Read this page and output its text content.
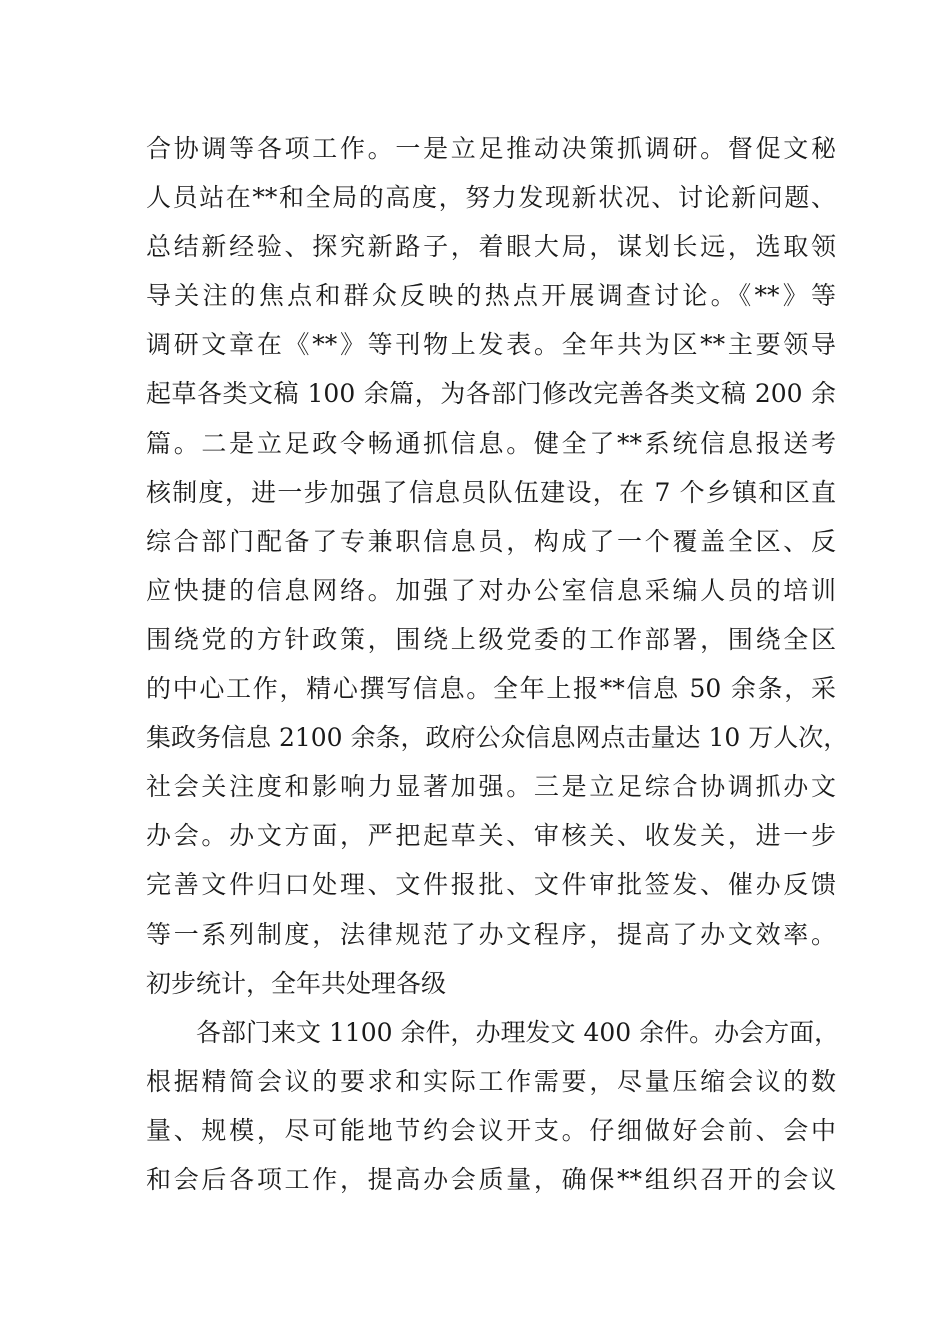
合协调等各项工作。一是立足推动决策抓调研。督促文秘
人员站在**和全局的高度，努力发现新状况、讨论新问题、
总结新经验、探究新路子，着眼大局，谋划长远，选取领
导关注的焦点和群众反映的热点开展调查讨论。《**》等
调研文章在《**》等刊物上发表。全年共为区**主要领导
起草各类文稿 100 余篇，为各部门修改完善各类文稿 200 余
篇。二是立足政令畅通抓信息。健全了**系统信息报送考
核制度，进一步加强了信息员队伍建设，在 7 个乡镇和区直
综合部门配备了专兼职信息员，构成了一个覆盖全区、反
应快捷的信息网络。加强了对办公室信息采编人员的培训
围绕党的方针政策，围绕上级党委的工作部署，围绕全区
的中心工作，精心撰写信息。全年上报**信息 50 余条，采
集政务信息 2100 余条，政府公众信息网点击量达 10 万人次，
社会关注度和影响力显著加强。三是立足综合协调抓办文
办会。办文方面，严把起草关、审核关、收发关，进一步
完善文件归口处理、文件报批、文件审批签发、催办反馈
等一系列制度，法律规范了办文程序，提高了办文效率。
初步统计，全年共处理各级
各部门来文 1100 余件，办理发文 400 余件。办会方面，
根据精简会议的要求和实际工作需要，尽量压缩会议的数
量、规模，尽可能地节约会议开支。仔细做好会前、会中
和会后各项工作，提高办会质量，确保**组织召开的会议
